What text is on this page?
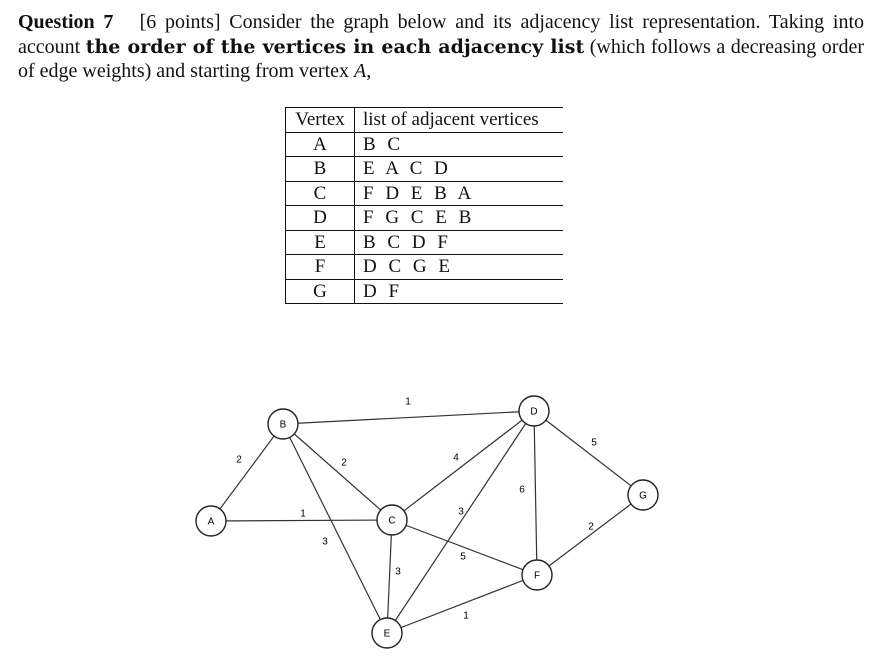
Question 7 [6 points] Consider the graph below and its adjacency list representation. Taking into account the order of the vertices in each adjacency list (which follows a decreasing order of edge weights) and starting from vertex A,
Vertex	list of adjacent vertices
A	B C
B	E A C D
C	F D E B A
D	F G C E B
E	B C D F
F	D C G E
G	D F
1
2	2
1
3
4
5
6
3
5
3
2
1
A
B
C
D
E
F
G
